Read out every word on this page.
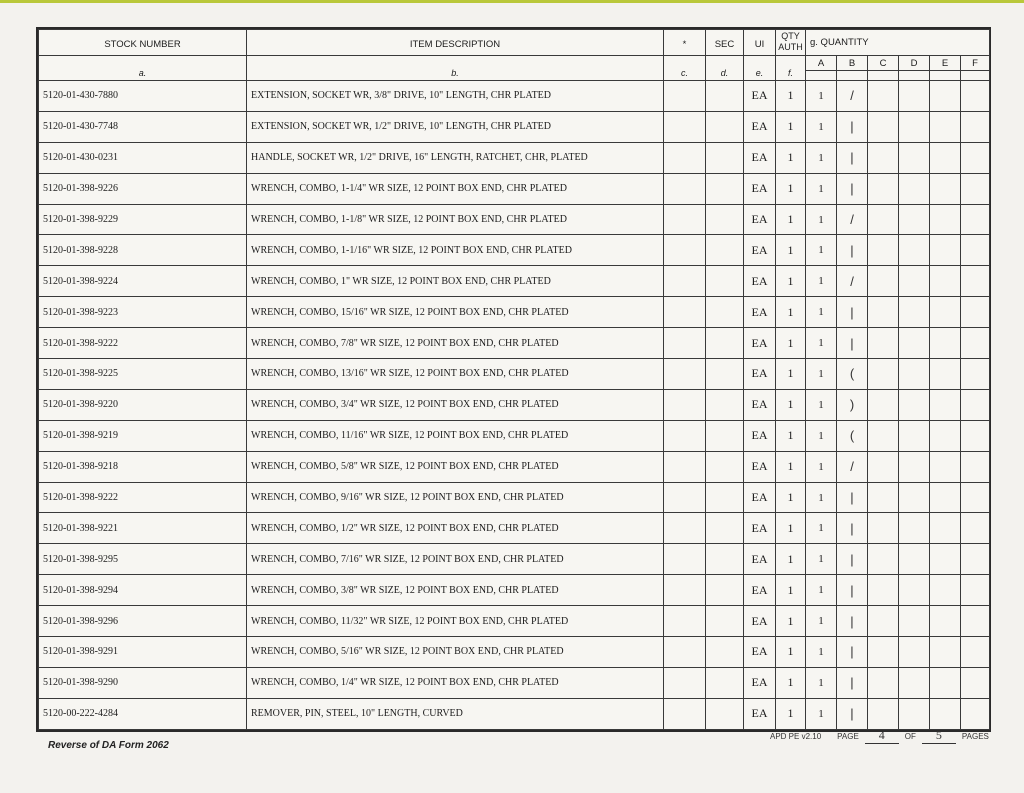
STOCK NUMBER	ITEM DESCRIPTION	*	SEC	UI	QTY AUTH	g. QUANTITY					

a.	b.	c.	d.	e.	f.	A	B	C	D	E	F

5120-01-430-7880	EXTENSION, SOCKET WR, 3/8" DRIVE, 10" LENGTH, CHR PLATED			EA	1	1	/				
5120-01-430-7748	EXTENSION, SOCKET WR, 1/2" DRIVE, 10" LENGTH, CHR PLATED			EA	1	1	|				
5120-01-430-0231	HANDLE, SOCKET WR, 1/2" DRIVE, 16" LENGTH, RATCHET, CHR, PLATED			EA	1	1	|				
5120-01-398-9226	WRENCH, COMBO, 1-1/4" WR SIZE, 12 POINT BOX END, CHR PLATED			EA	1	1	|				
5120-01-398-9229	WRENCH, COMBO, 1-1/8" WR SIZE, 12 POINT BOX END, CHR PLATED			EA	1	1	/				
5120-01-398-9228	WRENCH, COMBO, 1-1/16" WR SIZE, 12 POINT BOX END, CHR PLATED			EA	1	1	|				
5120-01-398-9224	WRENCH, COMBO, 1" WR SIZE, 12 POINT BOX END, CHR PLATED			EA	1	1	/				
5120-01-398-9223	WRENCH, COMBO, 15/16" WR SIZE, 12 POINT BOX END, CHR PLATED			EA	1	1	|				
5120-01-398-9222	WRENCH, COMBO, 7/8" WR SIZE, 12 POINT BOX END, CHR PLATED			EA	1	1	|				
5120-01-398-9225	WRENCH, COMBO, 13/16" WR SIZE, 12 POINT BOX END, CHR PLATED			EA	1	1	(				
5120-01-398-9220	WRENCH, COMBO, 3/4" WR SIZE, 12 POINT BOX END, CHR PLATED			EA	1	1	)				
5120-01-398-9219	WRENCH, COMBO, 11/16" WR SIZE, 12 POINT BOX END, CHR PLATED			EA	1	1	(				
5120-01-398-9218	WRENCH, COMBO, 5/8" WR SIZE, 12 POINT BOX END, CHR PLATED			EA	1	1	/				
5120-01-398-9222	WRENCH, COMBO, 9/16" WR SIZE, 12 POINT BOX END, CHR PLATED			EA	1	1	|				
5120-01-398-9221	WRENCH, COMBO, 1/2" WR SIZE, 12 POINT BOX END, CHR PLATED			EA	1	1	|				
5120-01-398-9295	WRENCH, COMBO, 7/16" WR SIZE, 12 POINT BOX END, CHR PLATED			EA	1	1	|				
5120-01-398-9294	WRENCH, COMBO, 3/8" WR SIZE, 12 POINT BOX END, CHR PLATED			EA	1	1	|				
5120-01-398-9296	WRENCH, COMBO, 11/32" WR SIZE, 12 POINT BOX END, CHR PLATED			EA	1	1	|				
5120-01-398-9291	WRENCH, COMBO, 5/16" WR SIZE, 12 POINT BOX END, CHR PLATED			EA	1	1	|				
5120-01-398-9290	WRENCH, COMBO, 1/4" WR SIZE, 12 POINT BOX END, CHR PLATED			EA	1	1	|				
5120-00-222-4284	REMOVER, PIN, STEEL, 10" LENGTH, CURVED			EA	1	1	|				
Reverse of DA Form 2062
APD PE v2.10 PAGE	4	OF	5	PAGES
